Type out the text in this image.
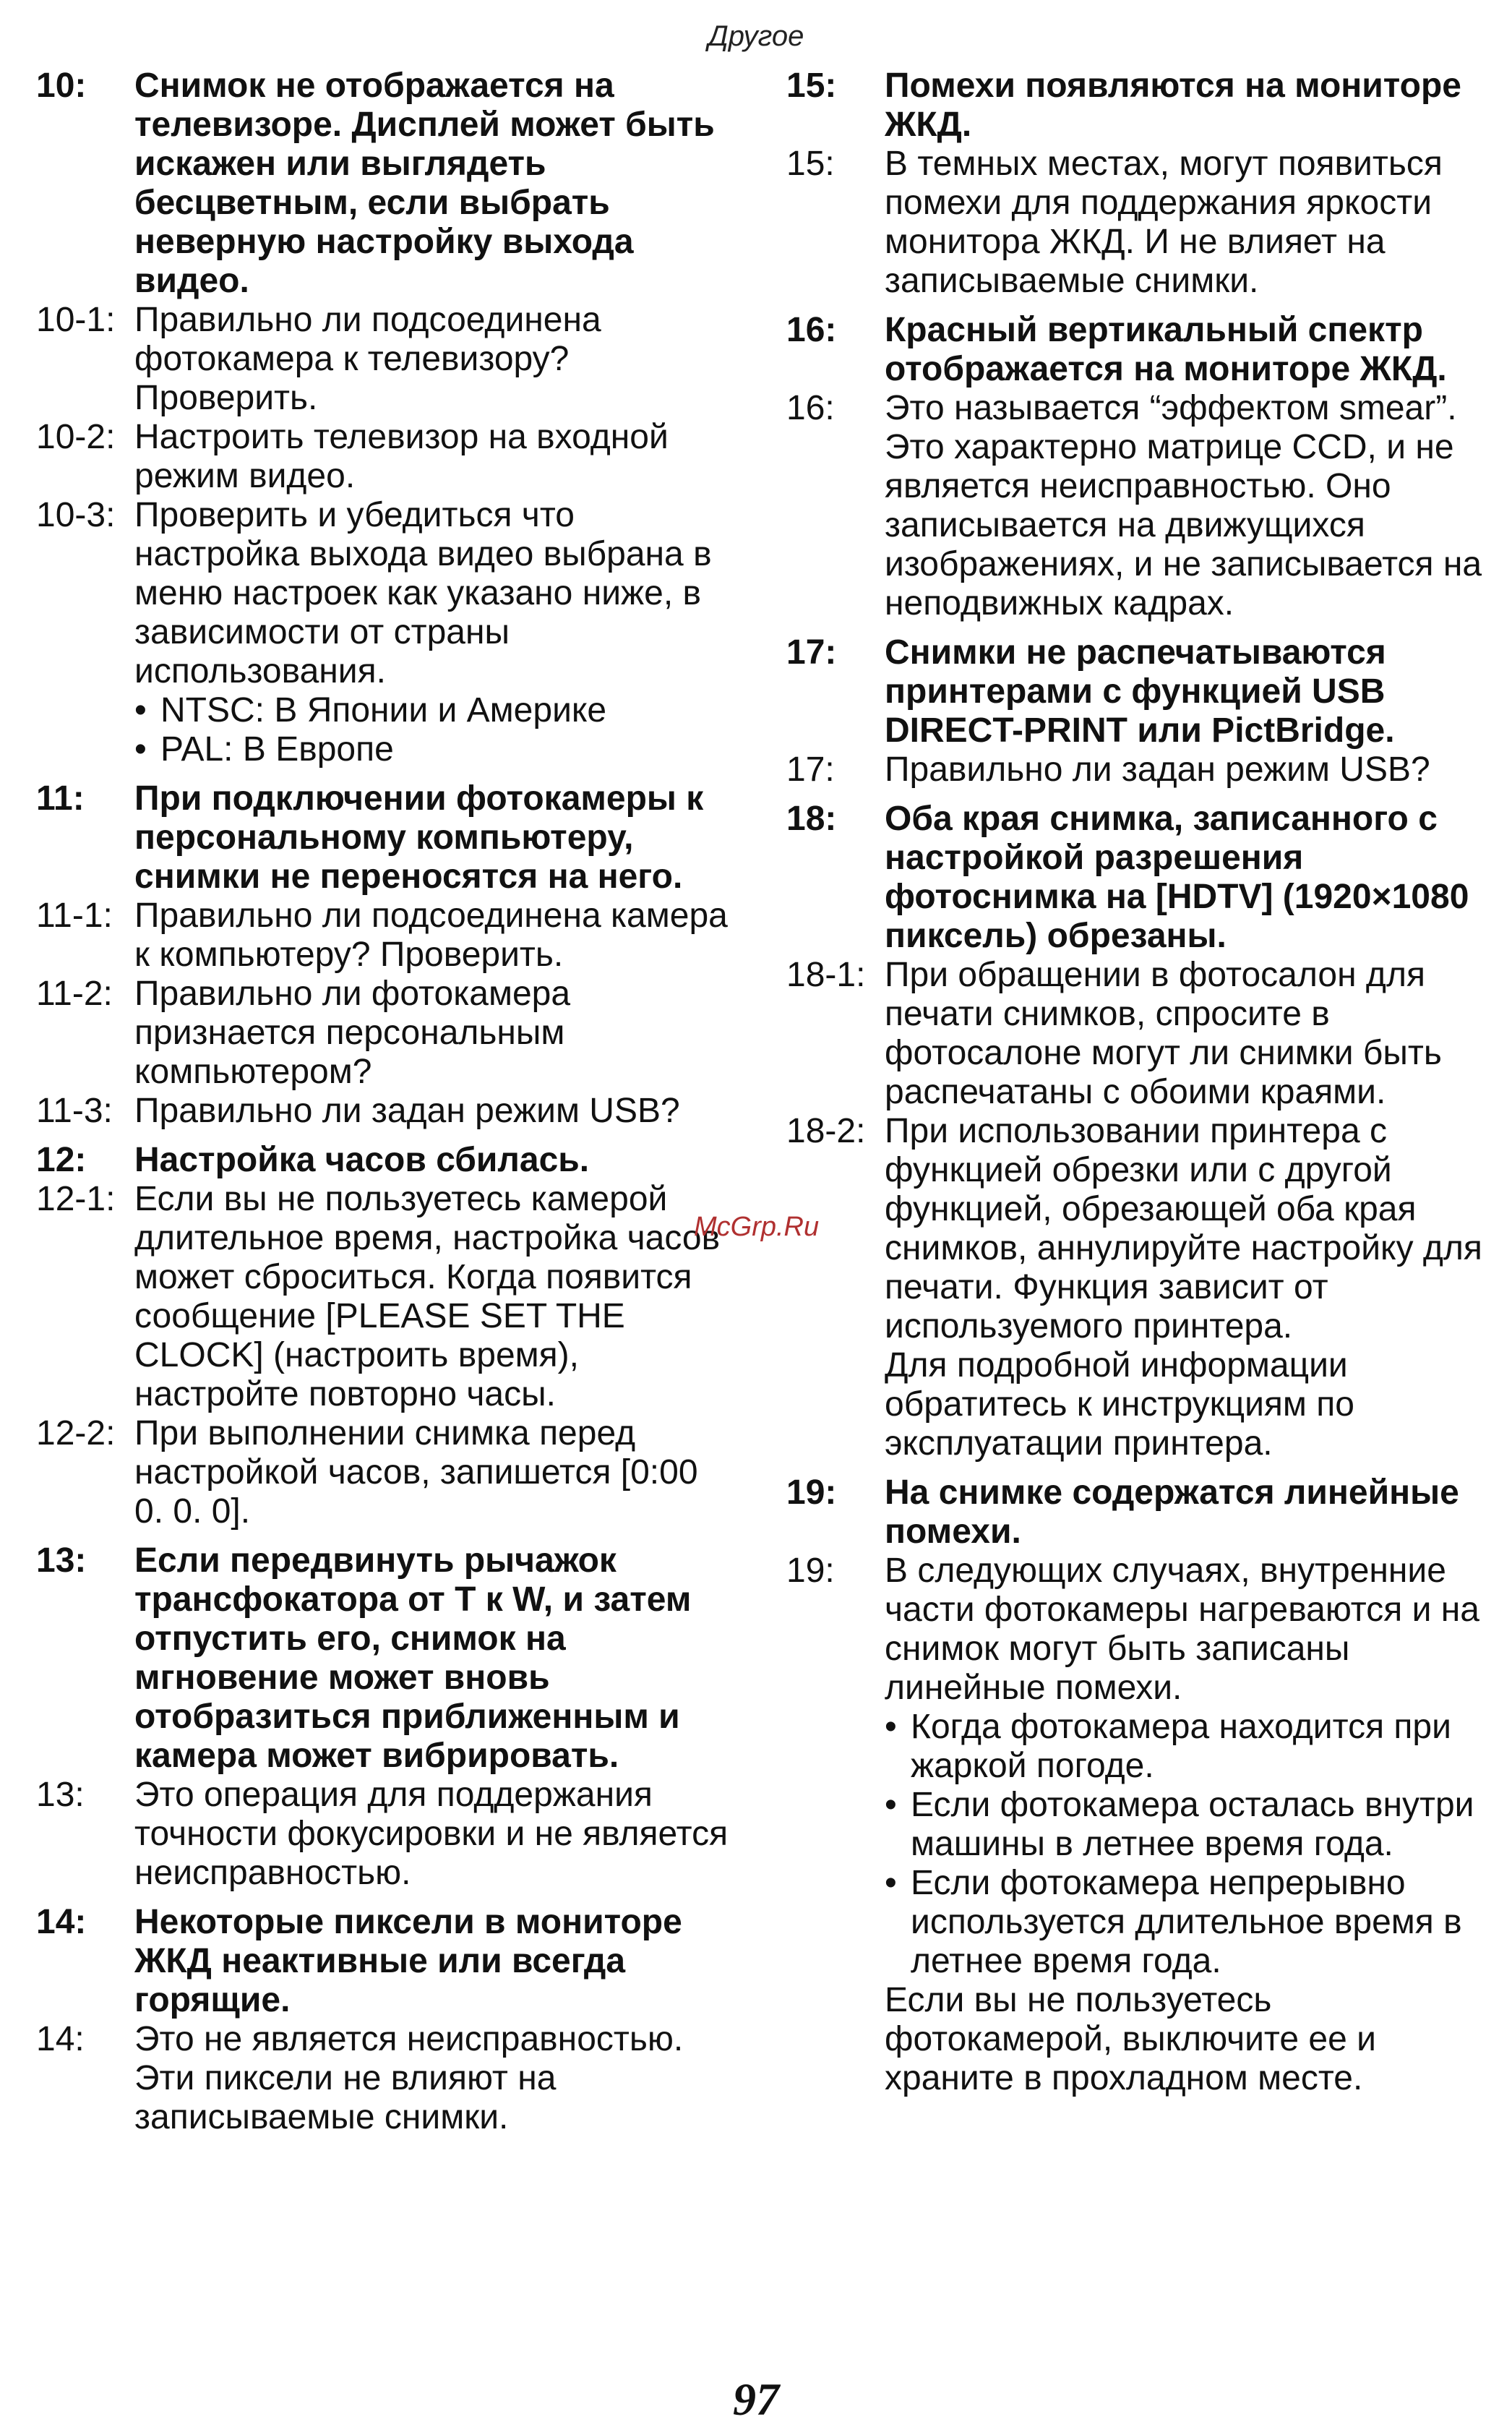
Другое
10:	Снимок не отображается на телевизоре. Дисплей может быть искажен или выглядеть бесцветным, если выбрать неверную настройку выхода видео.
10-1: Правильно ли подсоединена фотокамера к телевизору? Проверить.
10-2: Настроить телевизор на входной режим видео.
10-3: Проверить и убедиться что настройка выхода видео выбрана в меню настроек как указано ниже, в зависимости от страны использования.
• NTSC: В Японии и Америке
• PAL: В Европе
11:	При подключении фотокамеры к персональному компьютеру, снимки не переносятся на него.
11-1: Правильно ли подсоединена камера к компьютеру? Проверить.
11-2: Правильно ли фотокамера признается персональным компьютером?
11-3: Правильно ли задан режим USB?
12:	Настройка часов сбилась.
12-1: Если вы не пользуетесь камерой длительное время, настройка часов может сброситься. Когда появится сообщение [PLEASE SET THE CLOCK] (настроить время), настройте повторно часы.
12-2: При выполнении снимка перед настройкой часов, запишется [0:00 0. 0. 0].
13:	Если передвинуть рычажок трансфокатора от T к W, и затем отпустить его, снимок на мгновение может вновь отобразиться приближенным и камера может вибрировать.
13:	Это операция для поддержания точности фокусировки и не является неисправностью.
14:	Некоторые пиксели в мониторе ЖКД неактивные или всегда горящие.
14:	Это не является неисправностью. Эти пиксели не влияют на записываемые снимки.
15:	Помехи появляются на мониторе ЖКД.
15:	В темных местах, могут появиться помехи для поддержания яркости монитора ЖКД. И не влияет на записываемые снимки.
16:	Красный вертикальный спектр отображается на мониторе ЖКД.
16:	Это называется “эффектом smear”. Это характерно матрице CCD, и не является неисправностью. Оно записывается на движущихся изображениях, и не записывается на неподвижных кадрах.
17:	Снимки не распечатываются принтерами с функцией USB DIRECT-PRINT или PictBridge.
17:	Правильно ли задан режим USB?
18:	Оба края снимка, записанного с настройкой разрешения фотоснимка на [HDTV] (1920×1080 пиксель) обрезаны.
18-1: При обращении в фотосалон для печати снимков, спросите в фотосалоне могут ли снимки быть распечатаны с обоими краями.
18-2: При использовании принтера с функцией обрезки или с другой функцией, обрезающей оба края снимков, аннулируйте настройку для печати. Функция зависит от используемого принтера.
Для подробной информации обратитесь к инструкциям по эксплуатации принтера.
19:	На снимке содержатся линейные помехи.
19:	В следующих случаях, внутренние части фотокамеры нагреваются и на снимок могут быть записаны линейные помехи.
• Когда фотокамера находится при жаркой погоде.
• Если фотокамера осталась внутри машины в летнее время года.
• Если фотокамера непрерывно используется длительное время в летнее время года.
Если вы не пользуетесь фотокамерой, выключите ее и храните в прохладном месте.
McGrp.Ru
97
